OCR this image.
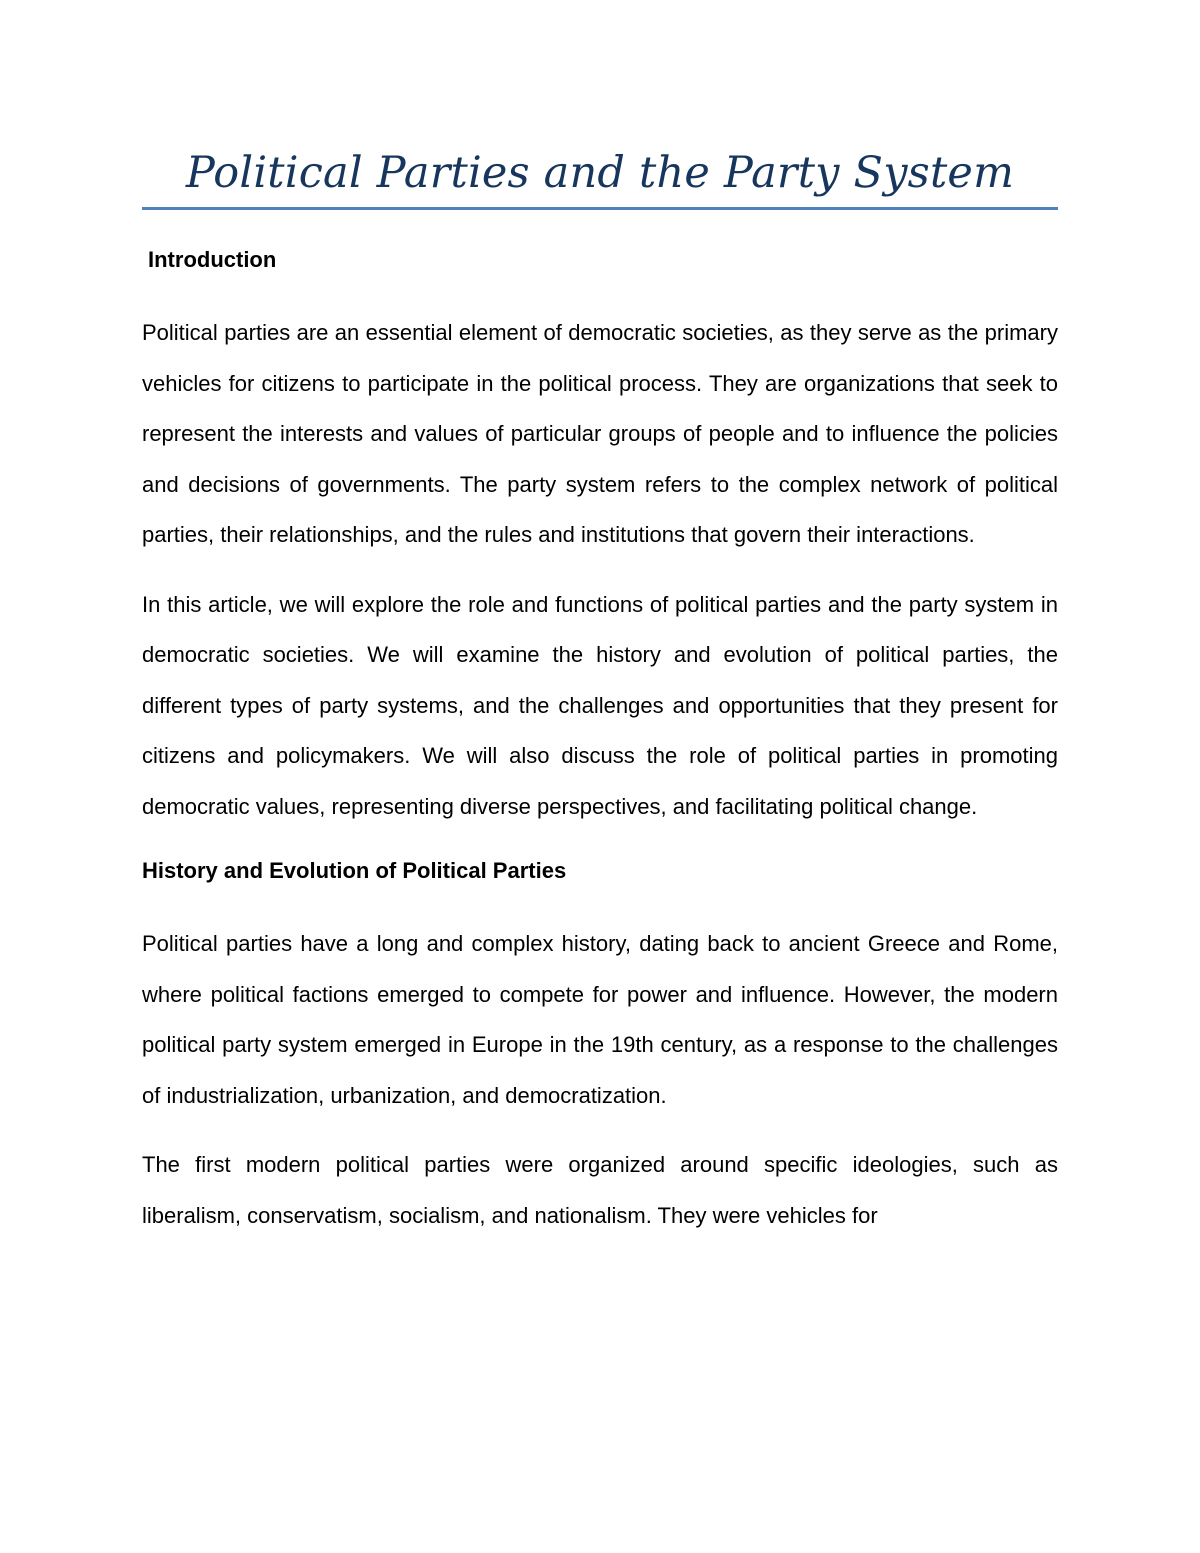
Political Parties and the Party System
Introduction

Political parties are an essential element of democratic societies, as they serve as the primary vehicles for citizens to participate in the political process. They are organizations that seek to represent the interests and values of particular groups of people and to influence the policies and decisions of governments. The party system refers to the complex network of political parties, their relationships, and the rules and institutions that govern their interactions.

In this article, we will explore the role and functions of political parties and the party system in democratic societies. We will examine the history and evolution of political parties, the different types of party systems, and the challenges and opportunities that they present for citizens and policymakers. We will also discuss the role of political parties in promoting democratic values, representing diverse perspectives, and facilitating political change.

History and Evolution of Political Parties

Political parties have a long and complex history, dating back to ancient Greece and Rome, where political factions emerged to compete for power and influence. However, the modern political party system emerged in Europe in the 19th century, as a response to the challenges of industrialization, urbanization, and democratization.

The first modern political parties were organized around specific ideologies, such as liberalism, conservatism, socialism, and nationalism. They were vehicles for
